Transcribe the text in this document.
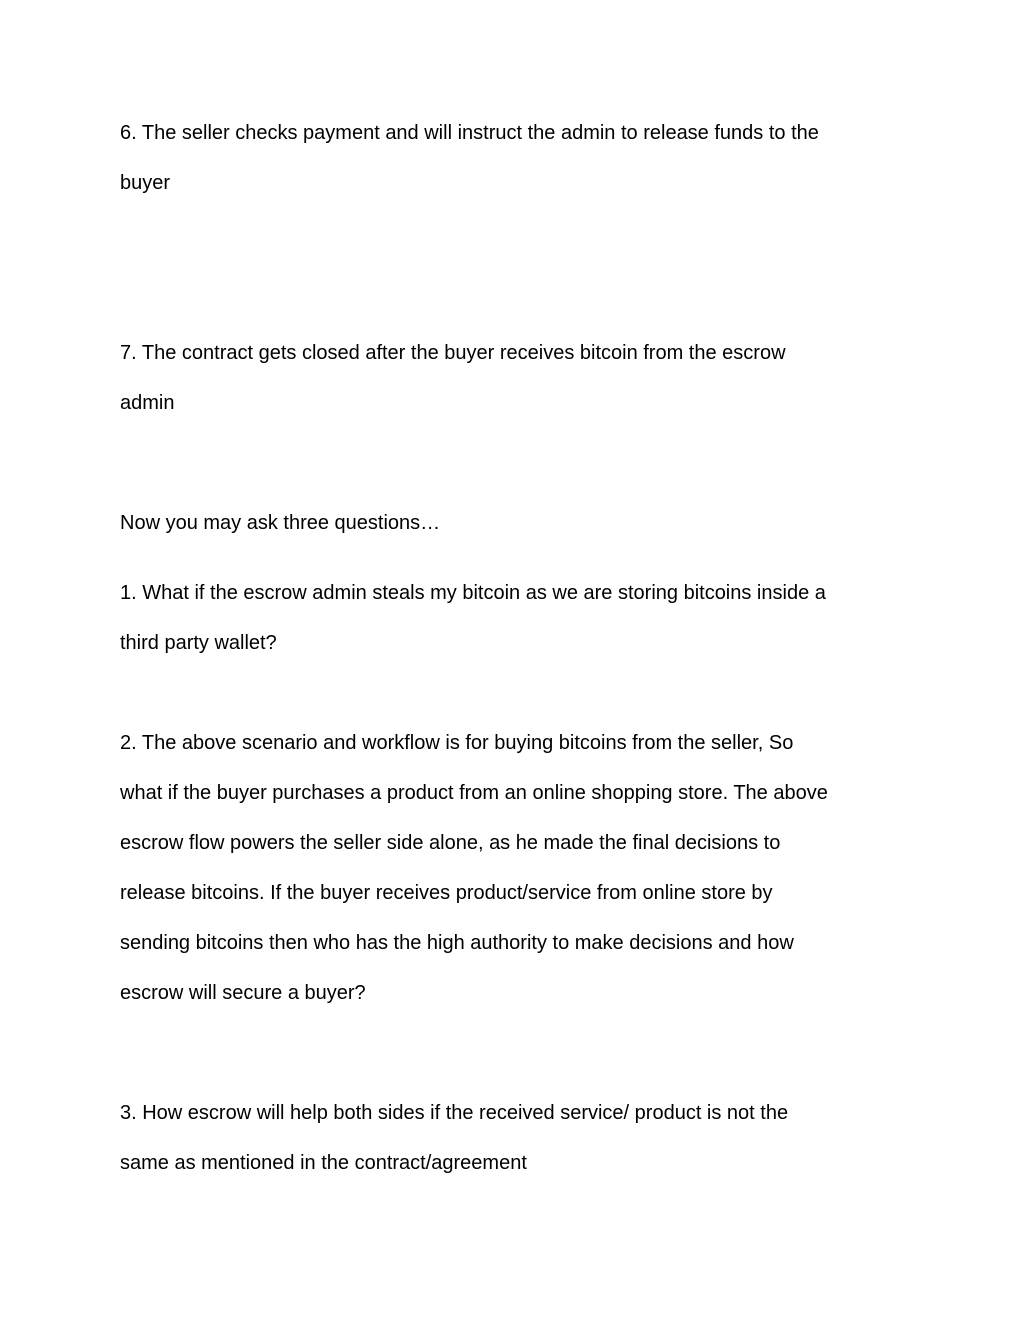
6. The seller checks payment and will instruct the admin to release funds to the
buyer
7. The contract gets closed after the buyer receives bitcoin from the escrow
admin
Now you may ask three questions…
1. What if the escrow admin steals my bitcoin as we are storing bitcoins inside a
third party wallet?
2. The above scenario and workflow is for buying bitcoins from the seller, So
what if the buyer purchases a product from an online shopping store. The above
escrow flow powers the seller side alone, as he made the final decisions to
release bitcoins. If the buyer receives product/service from online store by
sending bitcoins then who has the high authority to make decisions and how
escrow will secure a buyer?
3. How escrow will help both sides if the received service/ product is not the
same as mentioned in the contract/agreement
